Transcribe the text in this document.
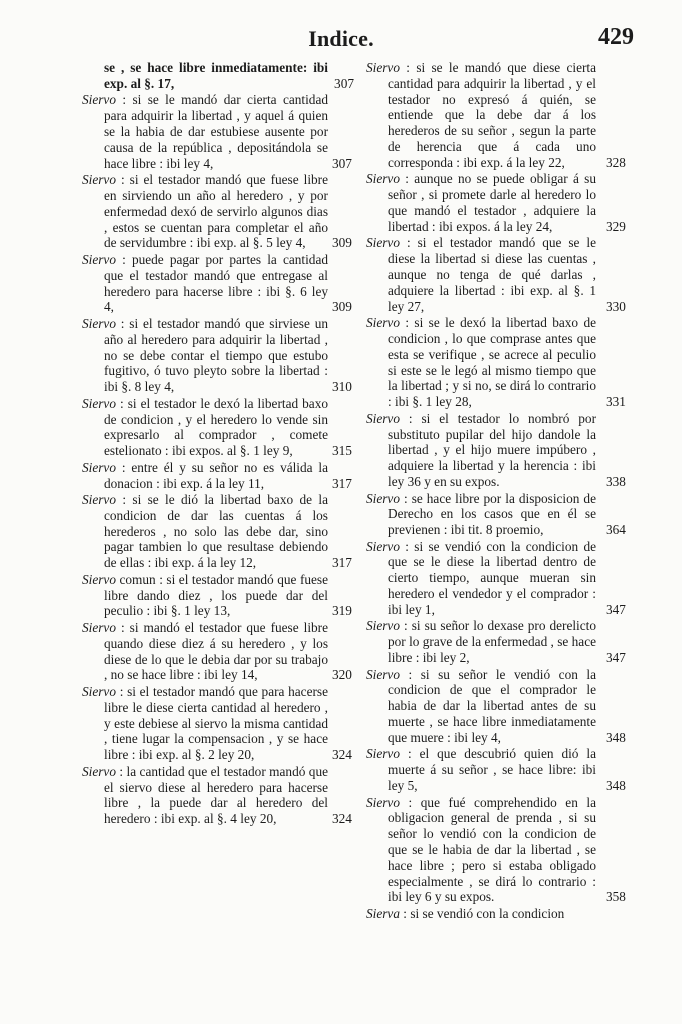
Indice.	429

se , se hace libre inmediatamente: ibi exp. al §. 17,	307

Siervo : si se le mandó dar cierta cantidad para adquirir la libertad , y aquel á quien se la habia de dar estubiese ausente por causa de la república , depositándola se hace libre : ibi ley 4,	307

Siervo : si el testador mandó que fuese libre en sirviendo un año al heredero , y por enfermedad dexó de servirlo algunos dias , estos se cuentan para completar el año de servidumbre : ibi exp. al §. 5 ley 4, 309

Siervo : puede pagar por partes la cantidad que el testador mandó que entregase al heredero para hacerse libre : ibi §. 6 ley 4,	309

Siervo : si el testador mandó que sirviese un año al heredero para adquirir la libertad , no se debe contar el tiempo que estubo fugitivo, ó tuvo pleyto sobre la libertad : ibi §. 8 ley 4,	310

Siervo : si el testador le dexó la libertad baxo de condicion , y el heredero lo vende sin expresarlo al comprador , comete estelionato : ibi expos. al §. 1 ley 9,	315

Siervo : entre él y su señor no es válida la donacion : ibi exp. á la ley 11,	317

Siervo : si se le dió la libertad baxo de la condicion de dar las cuentas á los herederos , no solo las debe dar, sino pagar tambien lo que resultase debiendo de ellas : ibi exp. á la ley 12,	317

Siervo comun : si el testador mandó que fuese libre dando diez , los puede dar del peculio : ibi §. 1 ley 13,	319

Siervo : si mandó el testador que fuese libre quando diese diez á su heredero , y los diese de lo que le debia dar por su trabajo , no se hace libre : ibi ley 14,	320

Siervo : si el testador mandó que para hacerse libre le diese cierta cantidad al heredero , y este debiese al siervo la misma cantidad , tiene lugar la compensacion , y se hace libre : ibi exp. al §. 2 ley 20,	324

Siervo : la cantidad que el testador mandó que el siervo diese al heredero para hacerse libre , la puede dar al heredero del heredero : ibi exp. al §. 4 ley 20,	324

Siervo : si se le mandó que diese cierta cantidad para adquirir la libertad , y el testador no expresó á quién, se entiende que la debe dar á los herederos de su señor , segun la parte de herencia que á cada uno corresponda : ibi exp. á la ley 22,	328

Siervo : aunque no se puede obligar á su señor , si promete darle al heredero lo que mandó el testador , adquiere la libertad : ibi expos. á la ley 24,	329

Siervo : si el testador mandó que se le diese la libertad si diese las cuentas , aunque no tenga de qué darlas , adquiere la libertad : ibi exp. al §. 1 ley 27,	330

Siervo : si se le dexó la libertad baxo de condicion , lo que comprase antes que esta se verifique , se acrece al peculio si este se le legó al mismo tiempo que la libertad ; y si no, se dirá lo contrario : ibi §. 1 ley 28,	331

Siervo : si el testador lo nombró por substituto pupilar del hijo dandole la libertad , y el hijo muere impúbero , adquiere la libertad y la herencia : ibi ley 36 y en su expos.	338

Siervo : se hace libre por la disposicion de Derecho en los casos que en él se previenen : ibi tit. 8 proemio,	364

Siervo : si se vendió con la condicion de que se le diese la libertad dentro de cierto tiempo, aunque mueran sin heredero el vendedor y el comprador : ibi ley 1,	347

Siervo : si su señor lo dexase pro derelicto por lo grave de la enfermedad , se hace libre : ibi ley 2,	347

Siervo : si su señor le vendió con la condicion de que el comprador le habia de dar la libertad antes de su muerte , se hace libre inmediatamente que muere : ibi ley 4,	348

Siervo : el que descubrió quien dió la muerte á su señor , se hace libre: ibi ley 5,	348

Siervo : que fué comprehendido en la obligacion general de prenda , si su señor lo vendió con la condicion de que se le habia de dar la libertad , se hace libre ; pero si estaba obligado especialmente , se dirá lo contrario : ibi ley 6 y su expos.	358

Sierva : si se vendió con la condicion
